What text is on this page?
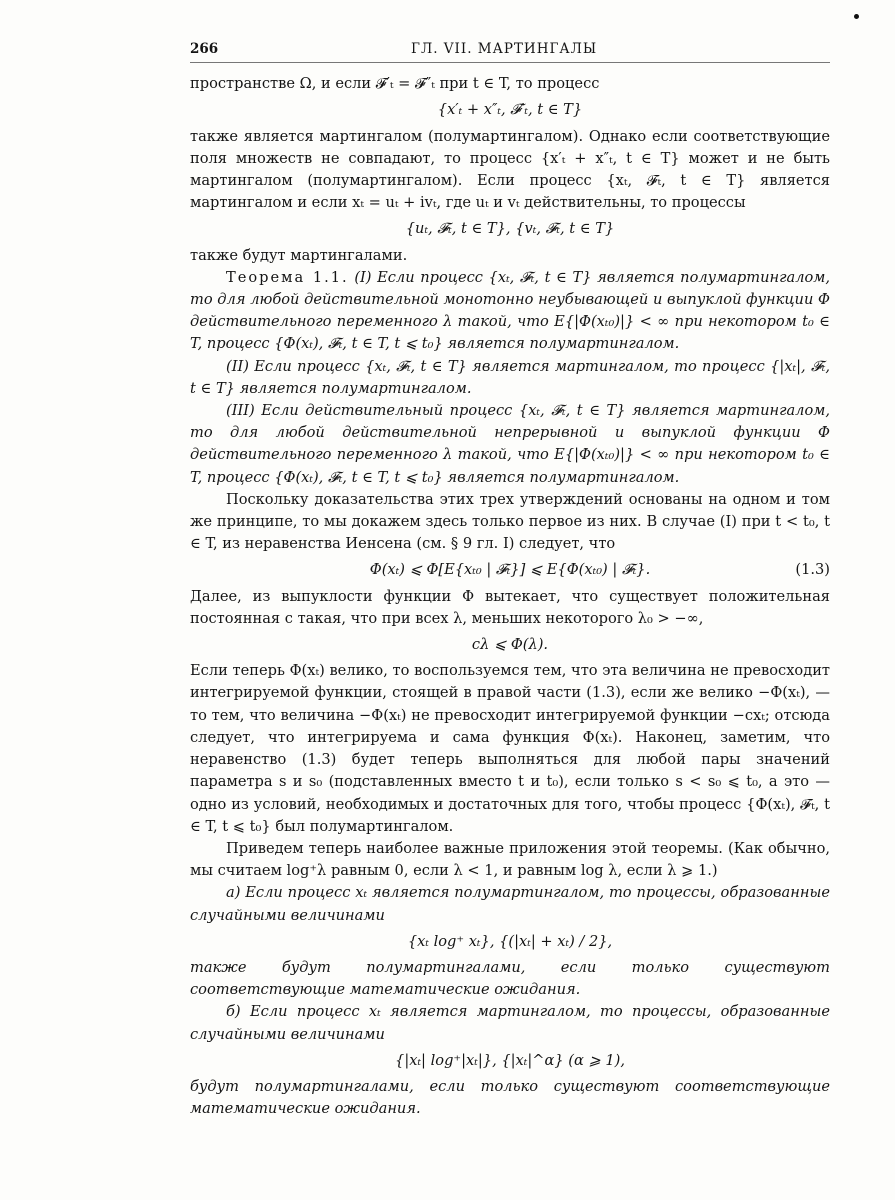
266	ГЛ. VII. МАРТИНГАЛЫ

пространстве Ω, и если 𝓕′ₜ = 𝓕″ₜ при t ∈ T, то процесс

{x′ₜ + x″ₜ, 𝓕′ₜ, t ∈ T}

также является мартингалом (полумартингалом). Однако если соответствующие поля множеств не совпадают, то процесс {x′ₜ + x″ₜ, t ∈ T} может и не быть мартингалом (полумартингалом). Если процесс {xₜ, 𝓕ₜ, t ∈ T} является мартингалом и если xₜ = uₜ + ivₜ, где uₜ и vₜ действительны, то процессы

{uₜ, 𝓕ₜ, t ∈ T}, {vₜ, 𝓕ₜ, t ∈ T}

также будут мартингалами.

Теорема 1.1. (I) Если процесс {xₜ, 𝓕ₜ, t ∈ T} является полумартингалом, то для любой действительной монотонно неубывающей и выпуклой функции Φ действительного переменного λ такой, что E{|Φ(xₜ₀)|} < ∞ при некотором t₀ ∈ T, процесс {Φ(xₜ), 𝓕ₜ, t ∈ T, t ⩽ t₀} является полумартингалом.

(II) Если процесс {xₜ, 𝓕ₜ, t ∈ T} является мартингалом, то процесс {|xₜ|, 𝓕ₜ, t ∈ T} является полумартингалом.

(III) Если действительный процесс {xₜ, 𝓕ₜ, t ∈ T} является мартингалом, то для любой действительной непрерывной и выпуклой функции Φ действительного переменного λ такой, что E{|Φ(xₜ₀)|} < ∞ при некотором t₀ ∈ T, процесс {Φ(xₜ), 𝓕ₜ, t ∈ T, t ⩽ t₀} является полумартингалом.

Поскольку доказательства этих трех утверждений основаны на одном и том же принципе, то мы докажем здесь только первое из них. В случае (I) при t < t₀, t ∈ T, из неравенства Иенсена (см. § 9 гл. I) следует, что

Φ(xₜ) ⩽ Φ[E{xₜ₀ | 𝓕ₜ}] ⩽ E{Φ(xₜ₀) | 𝓕ₜ}.	(1.3)

Далее, из выпуклости функции Φ вытекает, что существует положительная постоянная c такая, что при всех λ, меньших некоторого λ₀ > −∞,

cλ ⩽ Φ(λ).

Если теперь Φ(xₜ) велико, то воспользуемся тем, что эта величина не превосходит интегрируемой функции, стоящей в правой части (1.3), если же велико −Φ(xₜ), — то тем, что величина −Φ(xₜ) не превосходит интегрируемой функции −cxₜ; отсюда следует, что интегрируема и сама функция Φ(xₜ). Наконец, заметим, что неравенство (1.3) будет теперь выполняться для любой пары значений параметра s и s₀ (подставленных вместо t и t₀), если только s < s₀ ⩽ t₀, а это — одно из условий, необходимых и достаточных для того, чтобы процесс {Φ(xₜ), 𝓕ₜ, t ∈ T, t ⩽ t₀} был полумартингалом.

Приведем теперь наиболее важные приложения этой теоремы. (Как обычно, мы считаем log⁺λ равным 0, если λ < 1, и равным log λ, если λ ⩾ 1.)

а) Если процесс xₜ является полумартингалом, то процессы, образованные случайными величинами

{xₜ log⁺ xₜ}, {(|xₜ| + xₜ) / 2},

также будут полумартингалами, если только существуют соответствующие математические ожидания.

б) Если процесс xₜ является мартингалом, то процессы, образованные случайными величинами

{|xₜ| log⁺|xₜ|}, {|xₜ|^α} (α ⩾ 1),

будут полумартингалами, если только существуют соответствующие математические ожидания.
